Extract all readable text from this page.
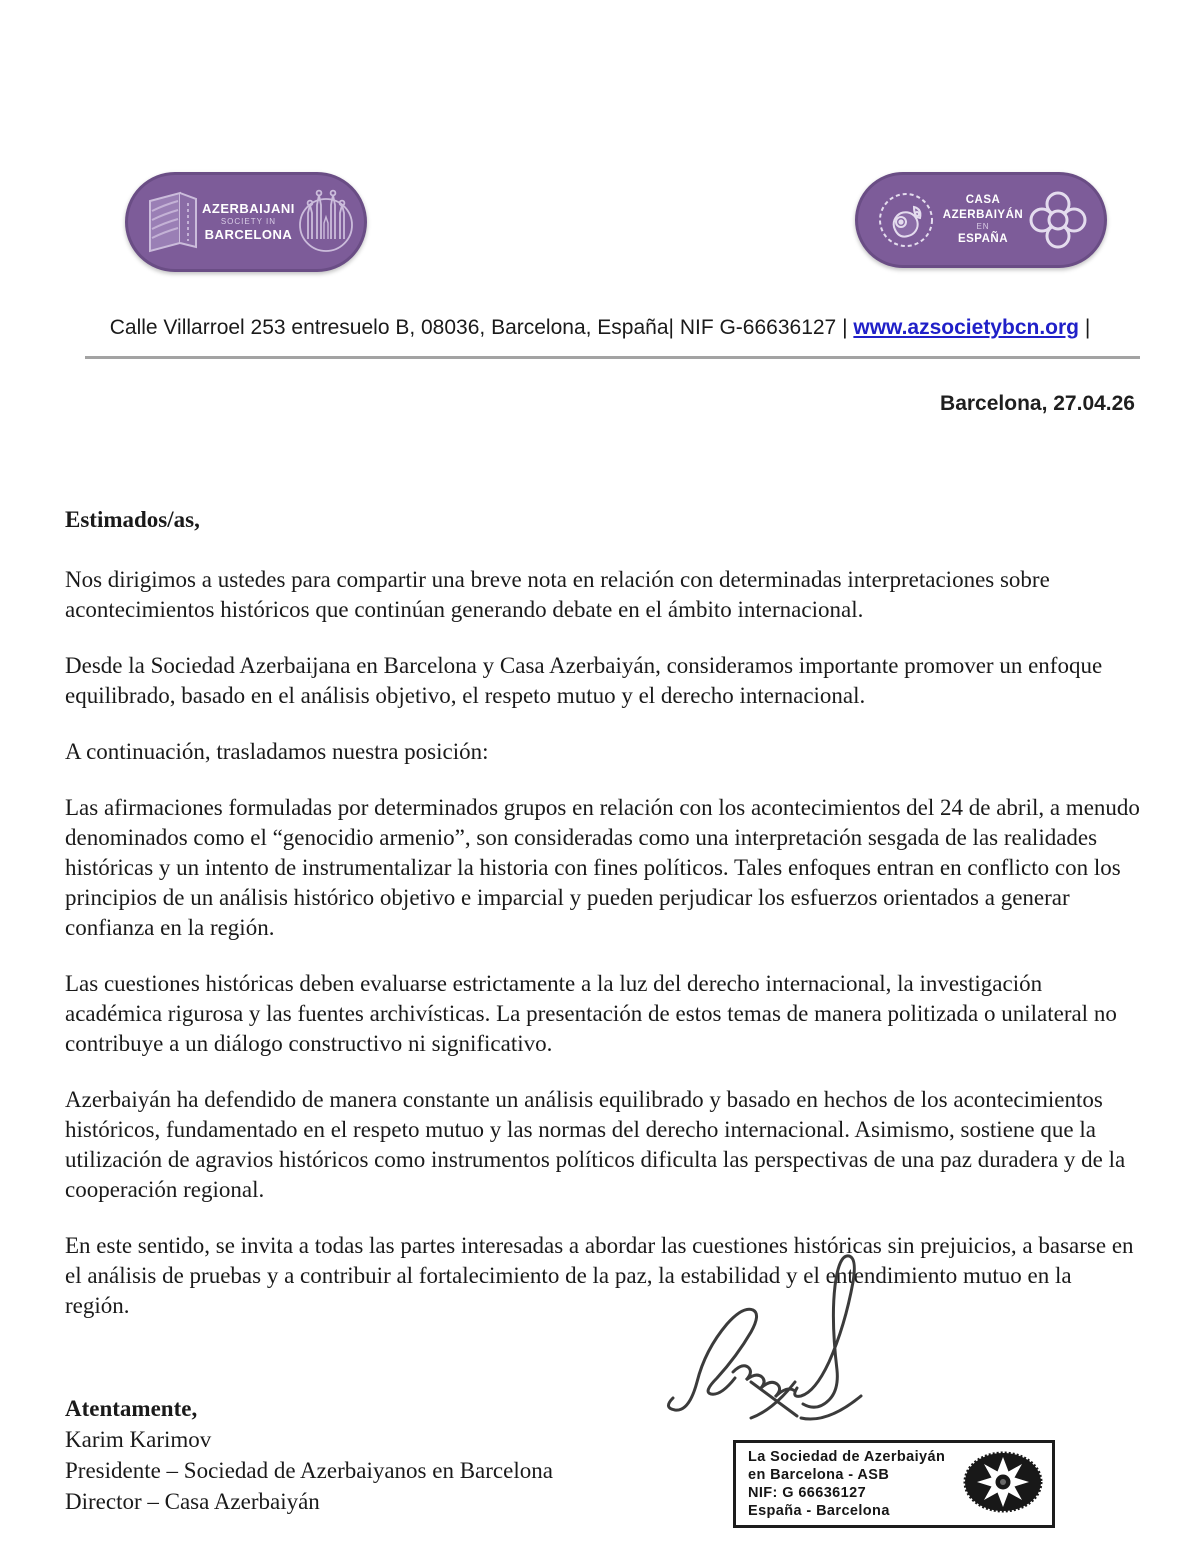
AZERBAIJANI
SOCIETY IN
BARCELONA
CASA AZERBAIYÁN
EN
ESPAÑA
Calle Villarroel 253 entresuelo B, 08036, Barcelona, España| NIF G-66636127 | www.azsocietybcn.org |
Barcelona, 27.04.26
Estimados/as,

Nos dirigimos a ustedes para compartir una breve nota en relación con determinadas interpretaciones sobre acontecimientos históricos que continúan generando debate en el ámbito internacional.

Desde la Sociedad Azerbaijana en Barcelona y Casa Azerbaiyán, consideramos importante promover un enfoque equilibrado, basado en el análisis objetivo, el respeto mutuo y el derecho internacional.

A continuación, trasladamos nuestra posición:

Las afirmaciones formuladas por determinados grupos en relación con los acontecimientos del 24 de abril, a menudo denominados como el “genocidio armenio”, son consideradas como una interpretación sesgada de las realidades históricas y un intento de instrumentalizar la historia con fines políticos. Tales enfoques entran en conflicto con los principios de un análisis histórico objetivo e imparcial y pueden perjudicar los esfuerzos orientados a generar confianza en la región.

Las cuestiones históricas deben evaluarse estrictamente a la luz del derecho internacional, la investigación académica rigurosa y las fuentes archivísticas. La presentación de estos temas de manera politizada o unilateral no contribuye a un diálogo constructivo ni significativo.

Azerbaiyán ha defendido de manera constante un análisis equilibrado y basado en hechos de los acontecimientos históricos, fundamentado en el respeto mutuo y las normas del derecho internacional. Asimismo, sostiene que la utilización de agravios históricos como instrumentos políticos dificulta las perspectivas de una paz duradera y de la cooperación regional.

En este sentido, se invita a todas las partes interesadas a abordar las cuestiones históricas sin prejuicios, a basarse en el análisis de pruebas y a contribuir al fortalecimiento de la paz, la estabilidad y el entendimiento mutuo en la región.

Atentamente,
Karim Karimov
Presidente – Sociedad de Azerbaiyanos en Barcelona
Director – Casa Azerbaiyán
La Sociedad de Azerbaiyán
en Barcelona - ASB
NIF: G 66636127
España - Barcelona
